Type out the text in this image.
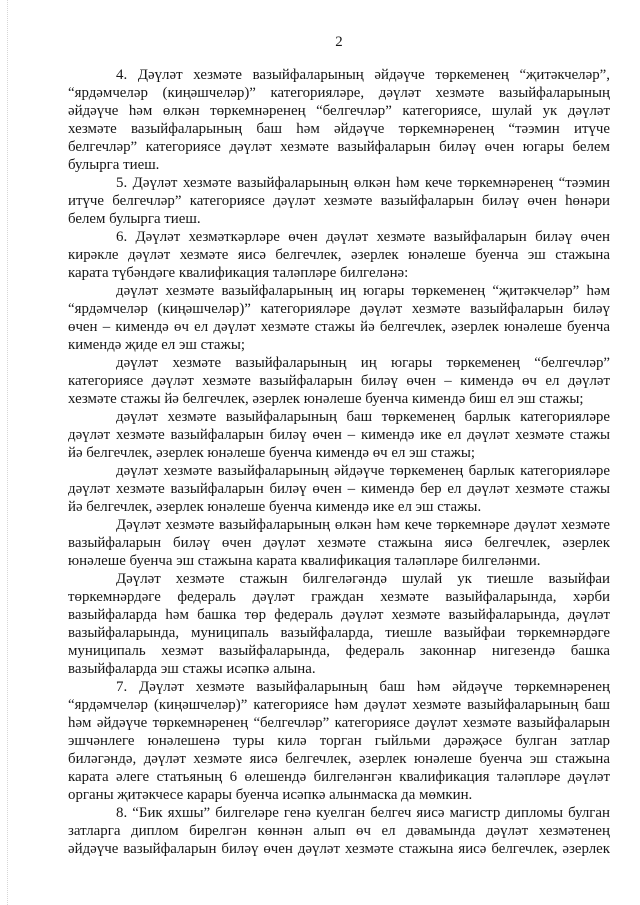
2
4. Дәүләт хезмәте вазыйфаларының әйдәүче төркеменең “җитәкчеләр”,
“ярдәмчеләр (киңәшчеләр)” категорияләре, дәүләт хезмәте вазыйфаларының
әйдәүче һәм өлкән төркемнәренең “белгечләр” категориясе, шулай ук дәүләт
хезмәте вазыйфаларының баш һәм әйдәүче төркемнәренең “тәэмин итүче
белгечләр” категориясе дәүләт хезмәте вазыйфаларын биләү өчен югары белем
булырга тиеш.
5. Дәүләт хезмәте вазыйфаларының өлкән һәм кече төркемнәренең “тәэмин
итүче белгечләр” категориясе дәүләт хезмәте вазыйфаларын биләү өчен һөнәри
белем булырга тиеш.
6. Дәүләт хезмәткәрләре өчен дәүләт хезмәте вазыйфаларын биләү өчен
кирәкле дәүләт хезмәте яисә белгечлек, әзерлек юнәлеше буенча эш стажына
карата түбәндәге квалификация таләпләре билгеләнә:
дәүләт хезмәте вазыйфаларының иң югары төркеменең “җитәкчеләр” һәм
“ярдәмчеләр (киңәшчеләр)” категорияләре дәүләт хезмәте вазыйфаларын биләү
өчен – кимендә өч ел дәүләт хезмәте стажы йә белгечлек, әзерлек юнәлеше буенча
кимендә җиде ел эш стажы;
дәүләт хезмәте вазыйфаларының иң югары төркеменең “белгечләр”
категориясе дәүләт хезмәте вазыйфаларын биләү өчен – кимендә өч ел дәүләт
хезмәте стажы йә белгечлек, әзерлек юнәлеше буенча кимендә биш ел эш стажы;
дәүләт хезмәте вазыйфаларының баш төркеменең барлык категорияләре
дәүләт хезмәте вазыйфаларын биләү өчен – кимендә ике ел дәүләт хезмәте стажы
йә белгечлек, әзерлек юнәлеше буенча кимендә өч ел эш стажы;
дәүләт хезмәте вазыйфаларының әйдәүче төркеменең барлык категорияләре
дәүләт хезмәте вазыйфаларын биләү өчен – кимендә бер ел дәүләт хезмәте стажы
йә белгечлек, әзерлек юнәлеше буенча кимендә ике ел эш стажы.
Дәүләт хезмәте вазыйфаларының өлкән һәм кече төркемнәре дәүләт хезмәте
вазыйфаларын биләү өчен дәүләт хезмәте стажына яисә белгечлек, әзерлек
юнәлеше буенча эш стажына карата квалификация таләпләре билгеләнми.
Дәүләт хезмәте стажын билгеләгәндә шулай ук тиешле вазыйфаи
төркемнәрдәге федераль дәүләт граждан хезмәте вазыйфаларында, хәрби
вазыйфаларда һәм башка төр федераль дәүләт хезмәте вазыйфаларында, дәүләт
вазыйфаларында, муниципаль вазыйфаларда, тиешле вазыйфаи төркемнәрдәге
муниципаль хезмәт вазыйфаларында, федераль законнар нигезендә башка
вазыйфаларда эш стажы исәпкә алына.
7. Дәүләт хезмәте вазыйфаларының баш һәм әйдәүче төркемнәренең
“ярдәмчеләр (киңәшчеләр)” категориясе һәм дәүләт хезмәте вазыйфаларының баш
һәм әйдәүче төркемнәренең “белгечләр” категориясе дәүләт хезмәте вазыйфаларын
эшчәнлеге юнәлешенә туры килә торган гыйльми дәрәҗәсе булган затлар
биләгәндә, дәүләт хезмәте яисә белгечлек, әзерлек юнәлеше буенча эш стажына
карата әлеге статьяның 6 өлешендә билгеләнгән квалификация таләпләре дәүләт
органы җитәкчесе карары буенча исәпкә алынмаска да мөмкин.
8. “Бик яхшы” билгеләре генә куелган белгеч яисә магистр дипломы булган
затларга диплом бирелгән көннән алып өч ел дәвамында дәүләт хезмәтенең
әйдәүче вазыйфаларын биләү өчен дәүләт хезмәте стажына яисә белгечлек, әзерлек
